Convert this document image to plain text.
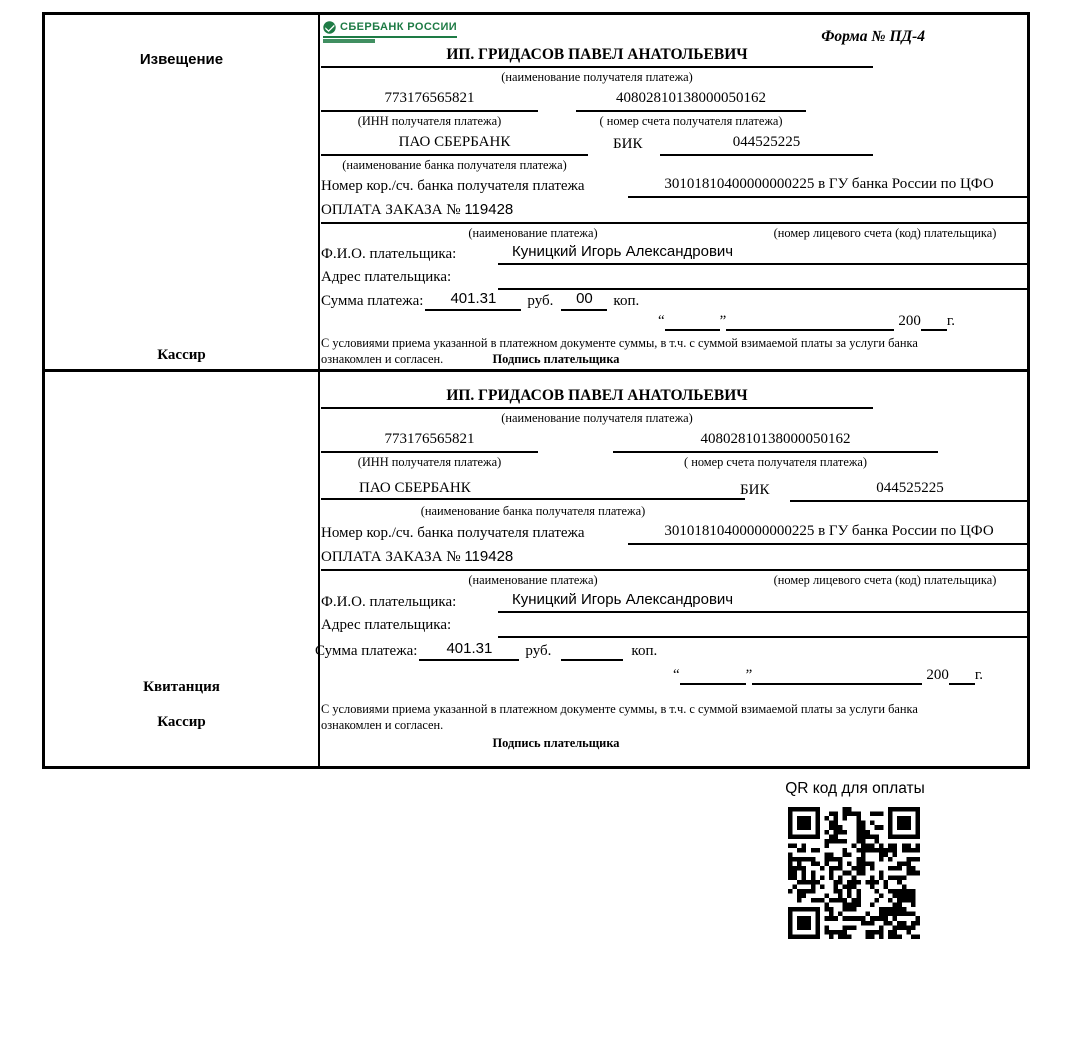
Извещение
Кассир
СБЕРБАНК РОССИИ
Форма № ПД-4
ИП. ГРИДАСОВ ПАВЕЛ АНАТОЛЬЕВИЧ
(наименование получателя платежа)
773176565821	40802810138000050162
(ИНН получателя платежа)	( номер счета получателя платежа)
ПАО СБЕРБАНК	БИК	044525225
(наименование банка получателя платежа)
Номер кор./сч. банка получателя платежа	30101810400000000225 в ГУ банка России по ЦФО
ОПЛАТА ЗАКАЗА № 119428
(наименование платежа)	(номер лицевого счета (код) плательщика)
Ф.И.О. плательщика:	Куницкий Игорь Александрович
Адрес плательщика:
Сумма платежа:	401.31	руб.	00	коп.
“	”	200 г.
С условиями приема указанной в платежном документе суммы, в т.ч. с суммой взимаемой платы за услуги банка
ознакомлен и согласен.	Подпись плательщика
Квитанция
Кассир
ИП. ГРИДАСОВ ПАВЕЛ АНАТОЛЬЕВИЧ
(наименование получателя платежа)
773176565821	40802810138000050162
(ИНН получателя платежа)	( номер счета получателя платежа)
ПАО СБЕРБАНК	БИК	044525225
(наименование банка получателя платежа)
Номер кор./сч. банка получателя платежа	30101810400000000225 в ГУ банка России по ЦФО
ОПЛАТА ЗАКАЗА № 119428
(наименование платежа)	(номер лицевого счета (код) плательщика)
Ф.И.О. плательщика:	Куницкий Игорь Александрович
Адрес плательщика:
Сумма платежа:	401.31	руб.	коп.
“	”	200 г.
С условиями приема указанной в платежном документе суммы, в т.ч. с суммой взимаемой платы за услуги банка
ознакомлен и согласен.
Подпись плательщика
QR код для оплаты
